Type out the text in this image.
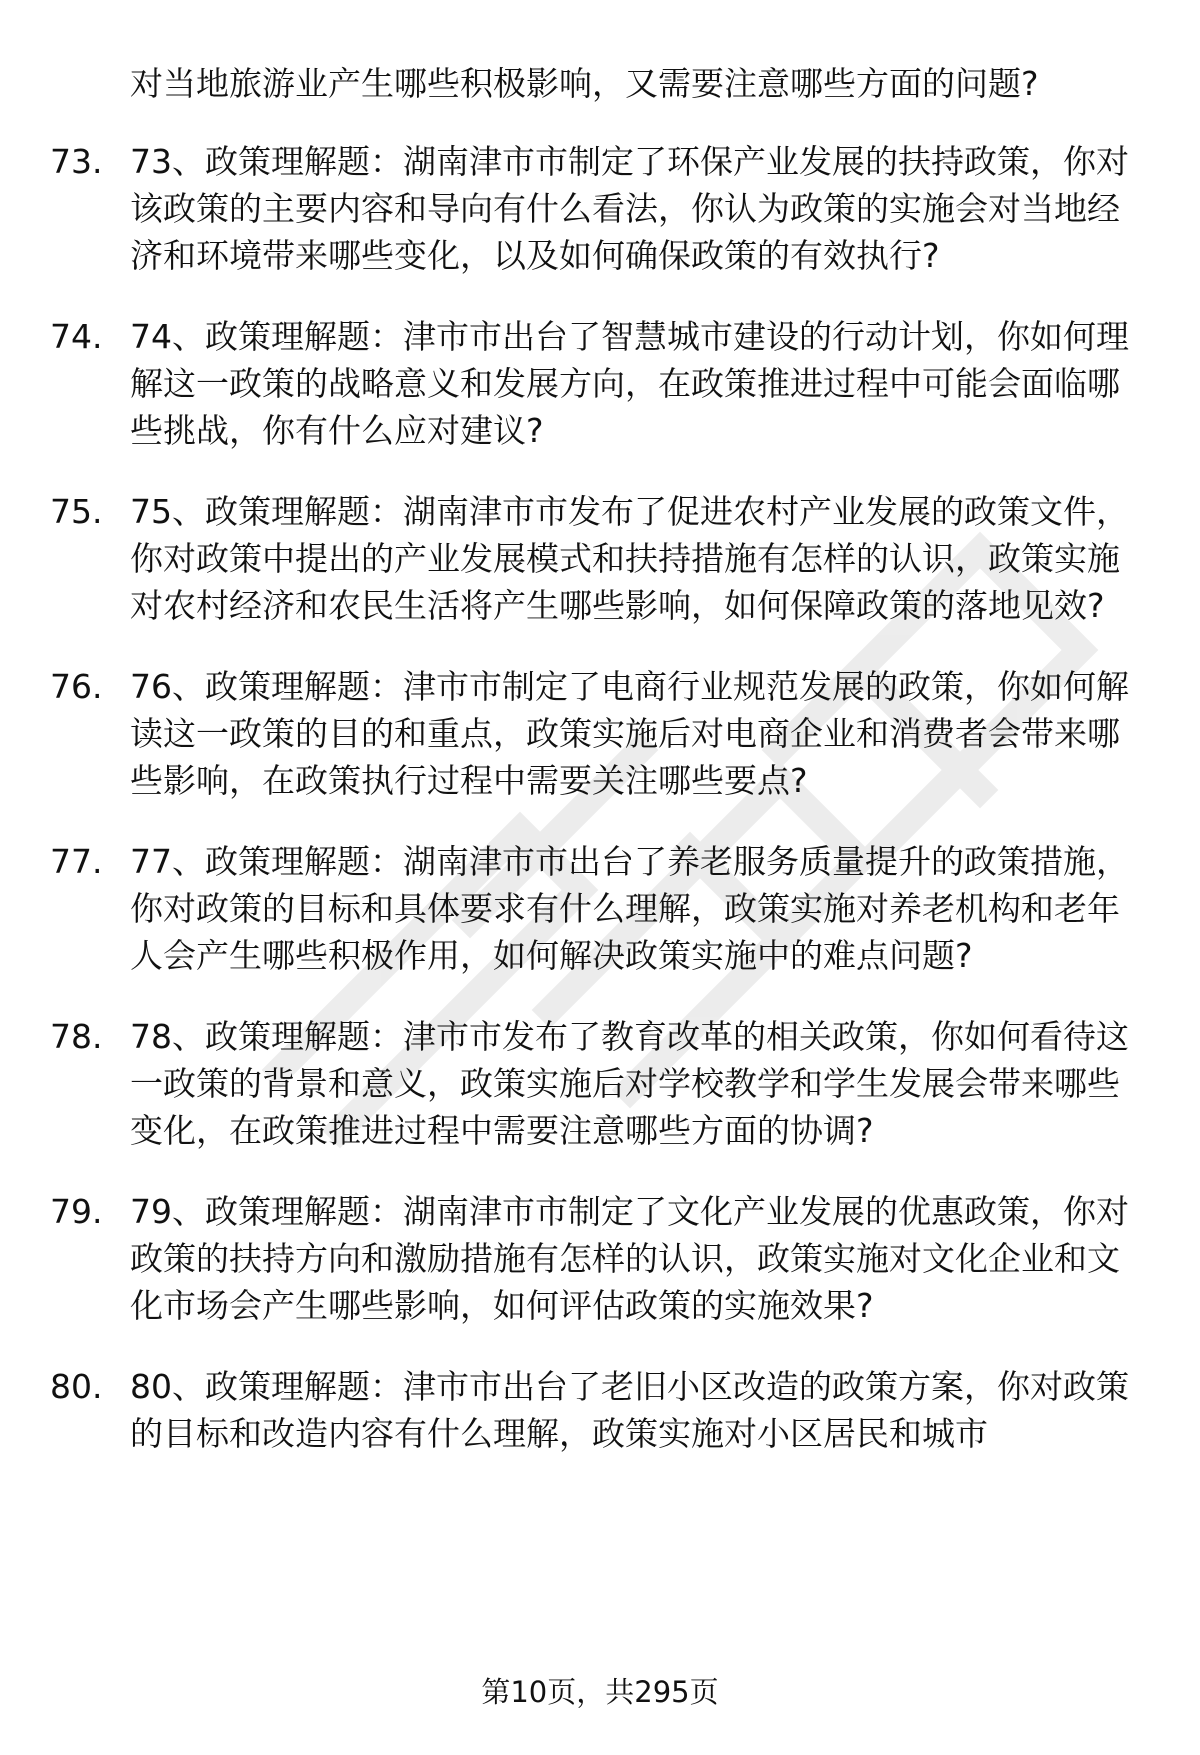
对当地旅游业产生哪些积极影响，又需要注意哪些方面的问题?
73. 73、政策理解题：湖南津市市制定了环保产业发展的扶持政策，你对该政策的主要内容和导向有什么看法，你认为政策的实施会对当地经济和环境带来哪些变化，以及如何确保政策的有效执行?
74. 74、政策理解题：津市市出台了智慧城市建设的行动计划，你如何理解这一政策的战略意义和发展方向，在政策推进过程中可能会面临哪些挑战，你有什么应对建议?
75. 75、政策理解题：湖南津市市发布了促进农村产业发展的政策文件，你对政策中提出的产业发展模式和扶持措施有怎样的认识，政策实施对农村经济和农民生活将产生哪些影响，如何保障政策的落地见效?
76. 76、政策理解题：津市市制定了电商行业规范发展的政策，你如何解读这一政策的目的和重点，政策实施后对电商企业和消费者会带来哪些影响，在政策执行过程中需要关注哪些要点?
77. 77、政策理解题：湖南津市市出台了养老服务质量提升的政策措施，你对政策的目标和具体要求有什么理解，政策实施对养老机构和老年人会产生哪些积极作用，如何解决政策实施中的难点问题?
78. 78、政策理解题：津市市发布了教育改革的相关政策，你如何看待这一政策的背景和意义，政策实施后对学校教学和学生发展会带来哪些变化，在政策推进过程中需要注意哪些方面的协调?
79. 79、政策理解题：湖南津市市制定了文化产业发展的优惠政策，你对政策的扶持方向和激励措施有怎样的认识，政策实施对文化企业和文化市场会产生哪些影响，如何评估政策的实施效果?
80. 80、政策理解题：津市市出台了老旧小区改造的政策方案，你对政策的目标和改造内容有什么理解，政策实施对小区居民和城市
第10页，共295页
